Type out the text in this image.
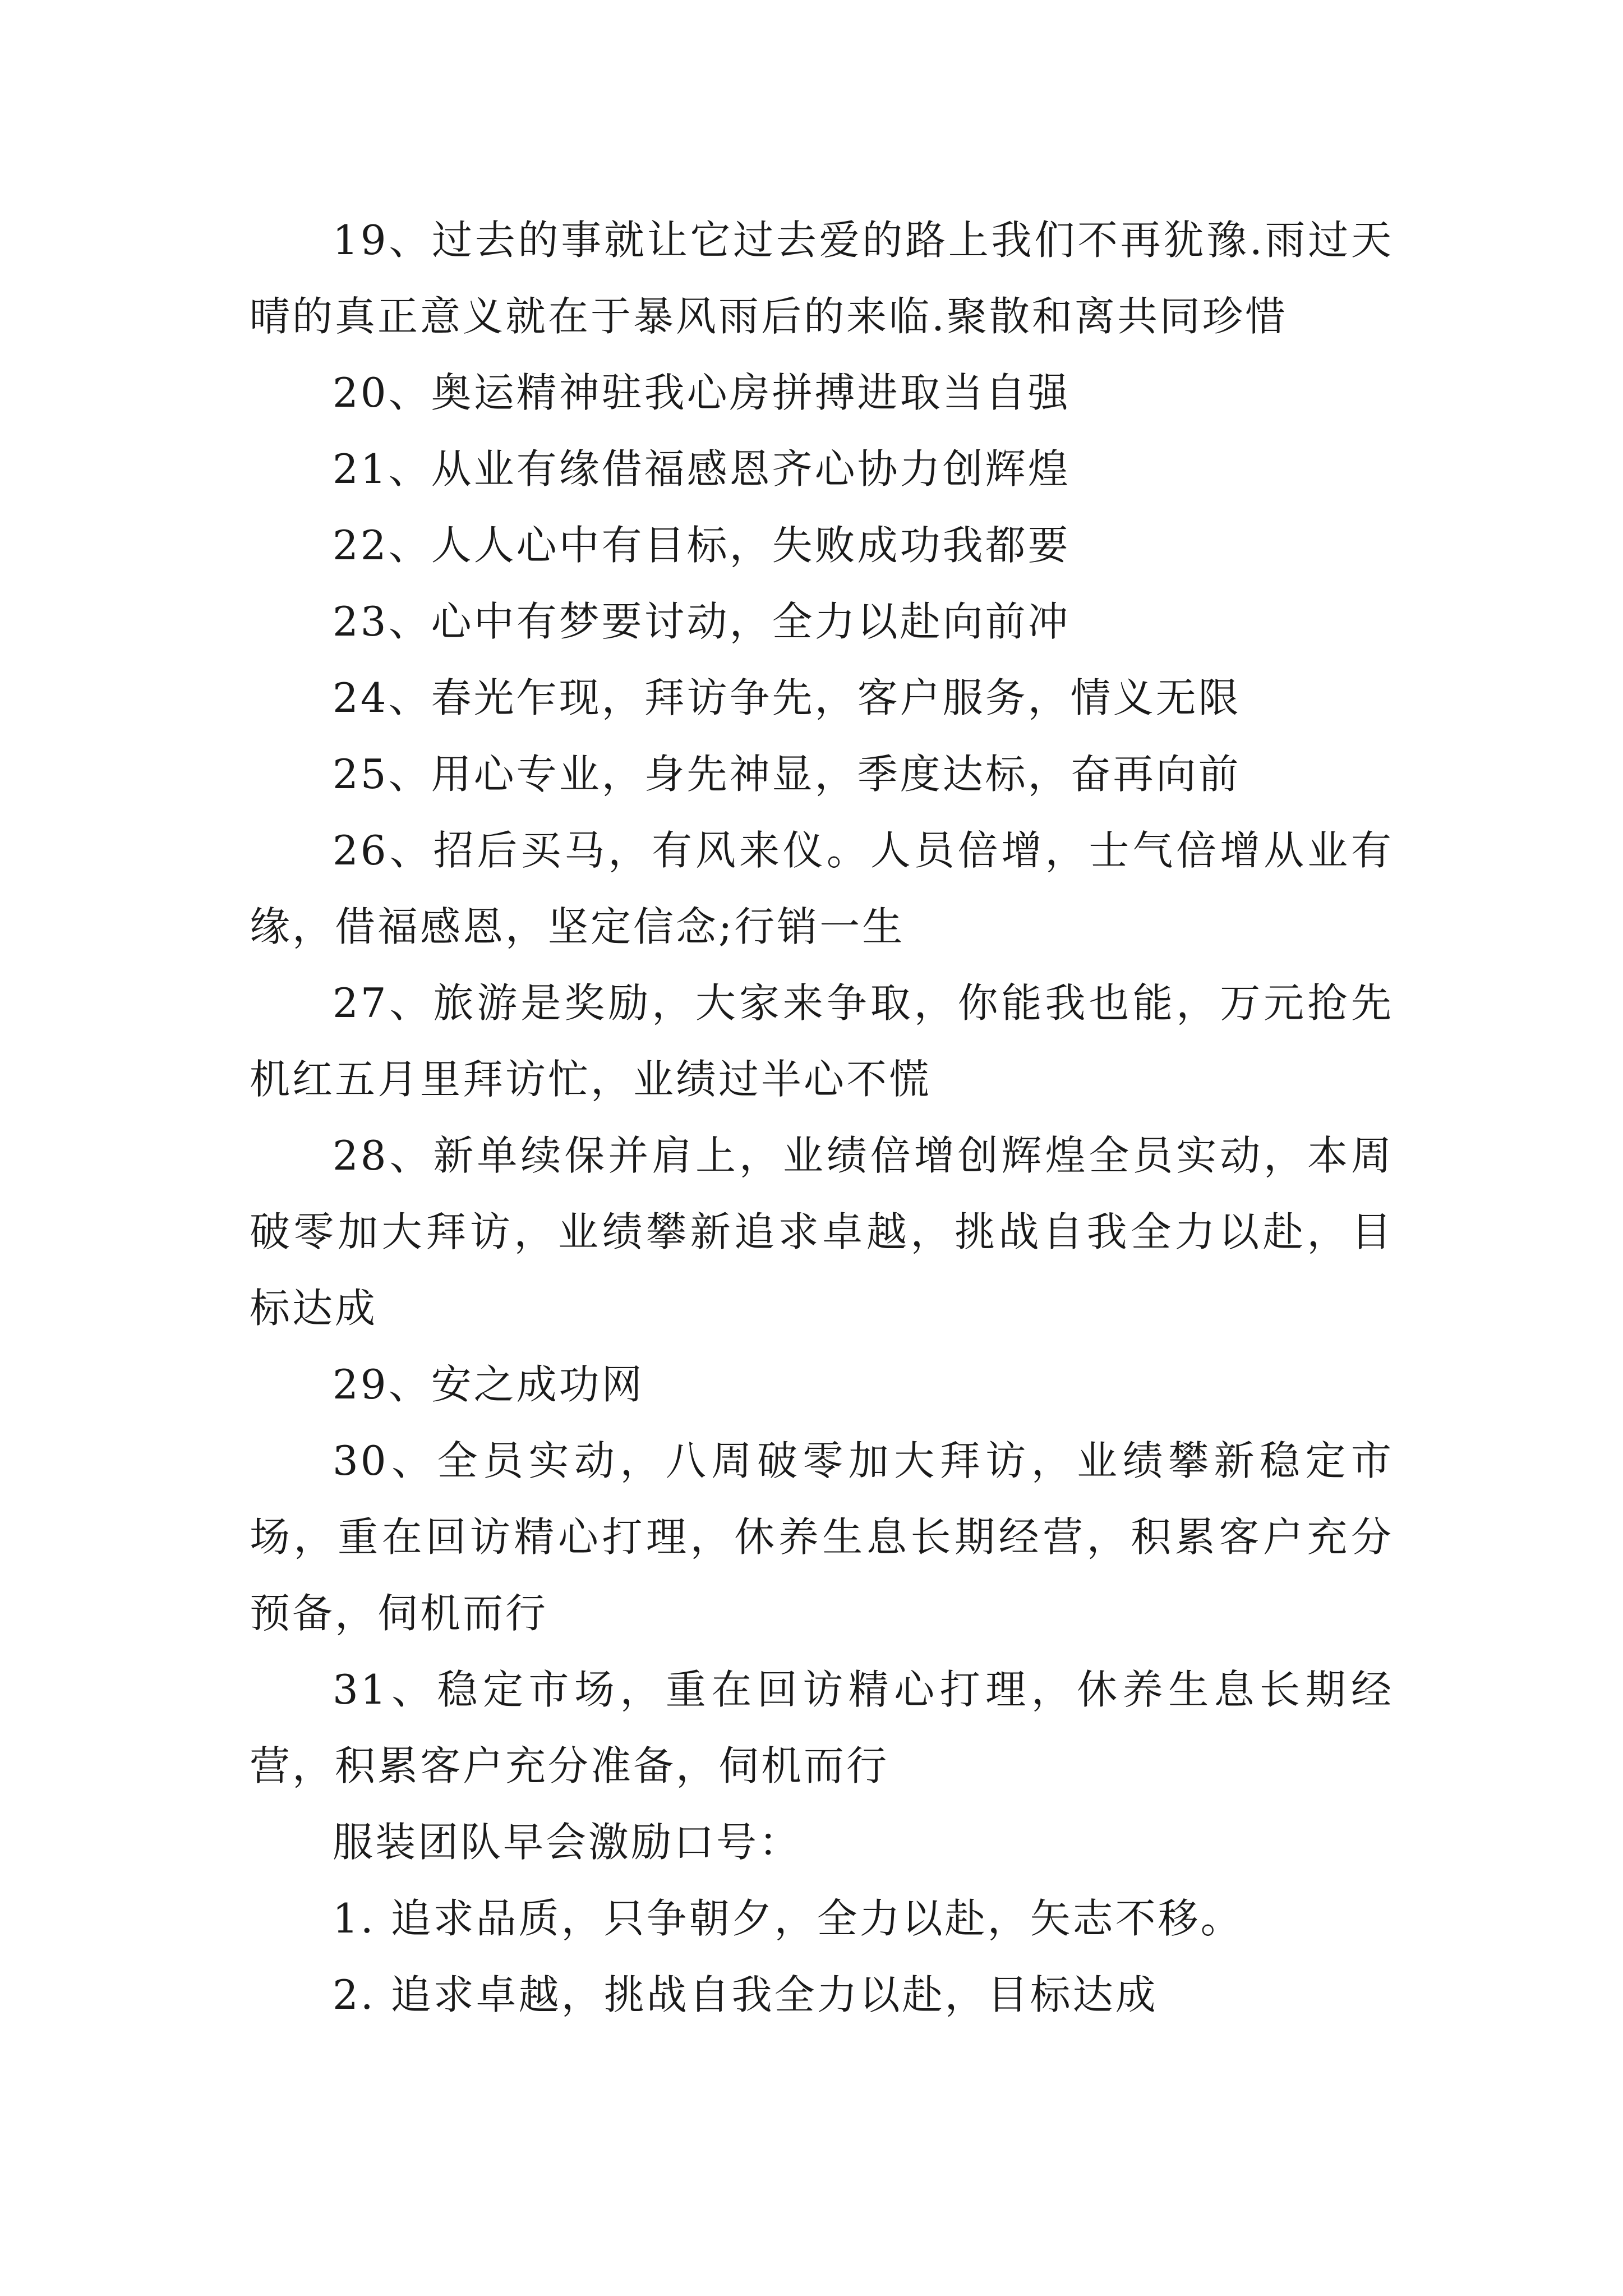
19、过去的事就让它过去爱的路上我们不再犹豫.雨过天晴的真正意义就在于暴风雨后的来临.聚散和离共同珍惜

20、奥运精神驻我心房拼搏进取当自强

21、从业有缘借福感恩齐心协力创辉煌

22、人人心中有目标，失败成功我都要

23、心中有梦要讨动，全力以赴向前冲

24、春光乍现，拜访争先，客户服务，情义无限

25、用心专业，身先神显，季度达标，奋再向前

26、招后买马，有风来仪。人员倍增，士气倍增从业有缘，借福感恩，坚定信念;行销一生

27、旅游是奖励，大家来争取，你能我也能，万元抢先机红五月里拜访忙，业绩过半心不慌

28、新单续保并肩上，业绩倍增创辉煌全员实动，本周破零加大拜访，业绩攀新追求卓越，挑战自我全力以赴，目标达成

29、安之成功网

30、全员实动，八周破零加大拜访，业绩攀新稳定市场，重在回访精心打理，休养生息长期经营，积累客户充分预备，伺机而行

31、稳定市场，重在回访精心打理，休养生息长期经营，积累客户充分准备，伺机而行

服装团队早会激励口号：

1. 追求品质，只争朝夕，全力以赴，矢志不移。

2. 追求卓越，挑战自我全力以赴，目标达成
